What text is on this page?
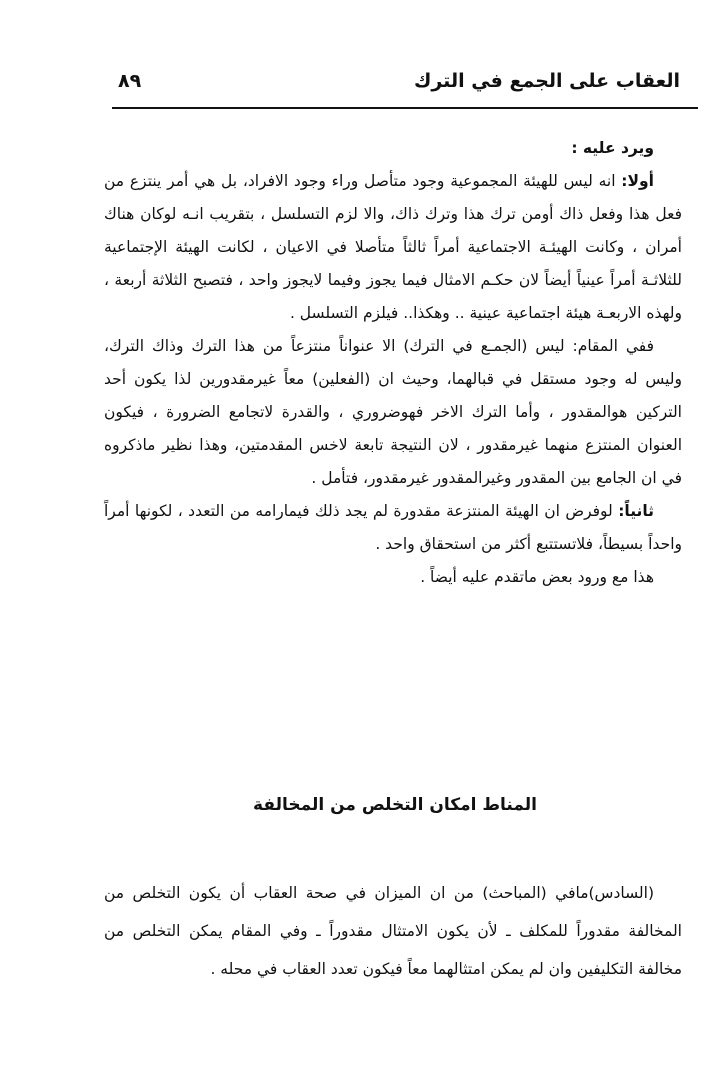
العقاب على الجمع في الترك
٨٩

ويرد عليه :

أولا: انه ليس للهيئة المجموعية وجود متأصل وراء وجود الافراد، بل هي أمر ينتزع من فعل هذا وفعل ذاك أومن ترك هذا وترك ذاك، والا لزم التسلسل ، بتقريب انـه لوكان هناك أمران ، وكانت الهيئـة الاجتماعية أمراً ثالثاً متأصلا في الاعيان ، لكانت الهيئة الإجتماعية للثلاثـة أمراً عينياً أيضاً لان حكـم الامثال فيما يجوز وفيما لايجوز واحد ، فتصبح الثلاثة أربعة ، ولهذه الاربعـة هيئة اجتماعية عينية .. وهكذا.. فيلزم التسلسل .

ففي المقام: ليس (الجمـع في الترك) الا عنواناً منتزعاً من هذا الترك وذاك الترك، وليس له وجود مستقل في قبالهما، وحيث ان (الفعلين) معاً غيرمقدورين لذا يكون أحد التركين هوالمقدور ، وأما الترك الاخر فهوضروري ، والقدرة لاتجامع الضرورة ، فيكون العنوان المنتزع منهما غيرمقدور ، لان النتيجة تابعة لاخس المقدمتين، وهذا نظير ماذكروه في ان الجامع بين المقدور وغيرالمقدور غيرمقدور، فتأمل .

ثانياً: لوفرض ان الهيئة المنتزعة مقدورة لم يجد ذلك فيمارامه من التعدد ، لكونها أمراً واحداً بسيطاً، فلاتستتبع أكثر من استحقاق واحد .

هذا مع ورود بعض ماتقدم عليه أيضاً .

المناط امكان التخلص من المخالفة

(السادس)مافي (المباحث) من ان الميزان في صحة العقاب أن يكون التخلص من المخالفة مقدوراً للمكلف ـ لأن يكون الامتثال مقدوراً ـ وفي المقام يمكن التخلص من مخالفة التكليفين وان لم يمكن امتثالهما معاً فيكون تعدد العقاب في محله .
